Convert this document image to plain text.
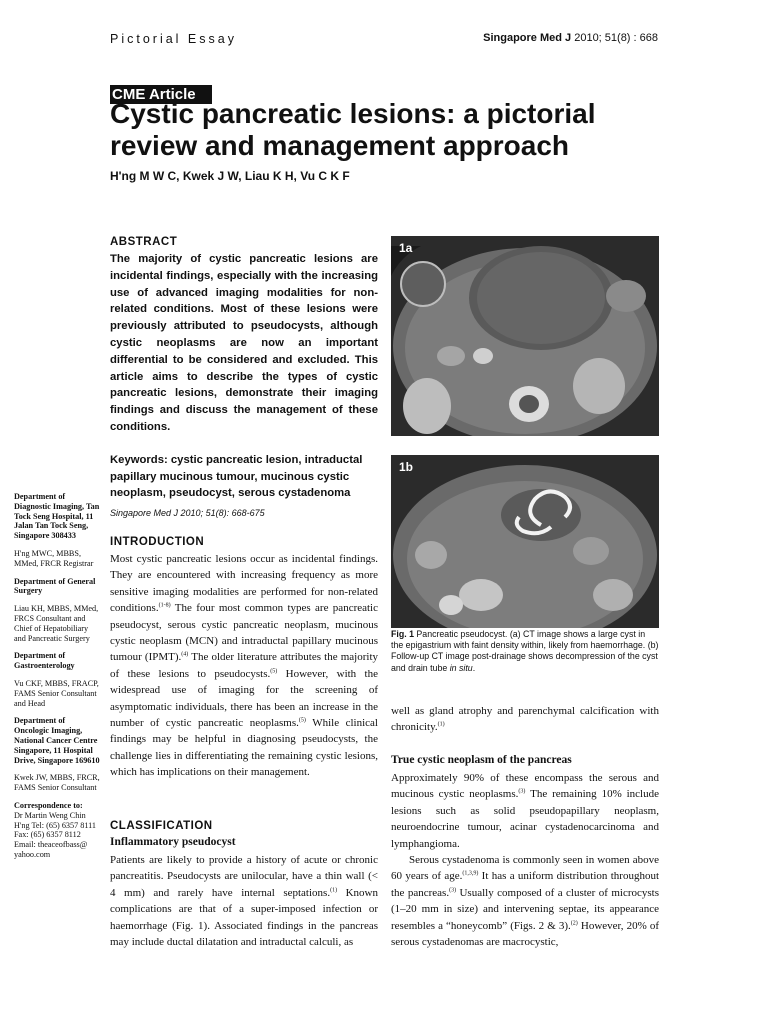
Pictorial Essay	Singapore Med J 2010; 51(8) : 668
CME Article
Cystic pancreatic lesions: a pictorial review and management approach
H'ng M W C, Kwek J W, Liau K H, Vu C K F
ABSTRACT
The majority of cystic pancreatic lesions are incidental findings, especially with the increasing use of advanced imaging modalities for non-related conditions. Most of these lesions were previously attributed to pseudocysts, although cystic neoplasms are now an important differential to be considered and excluded. This article aims to describe the types of cystic pancreatic lesions, demonstrate their imaging findings and discuss the management of these conditions.
Keywords: cystic pancreatic lesion, intraductal papillary mucinous tumour, mucinous cystic neoplasm, pseudocyst, serous cystadenoma
Singapore Med J 2010; 51(8): 668-675
INTRODUCTION
Most cystic pancreatic lesions occur as incidental findings. They are encountered with increasing frequency as more sensitive imaging modalities are performed for non-related conditions.$^{(1-8)}$ The four most common types are pancreatic pseudocyst, serous cystic pancreatic neoplasm, mucinous cystic neoplasm (MCN) and intraductal papillary mucinous tumour (IPMT).$^{(4)}$ The older literature attributes the majority of these lesions to pseudocysts.$^{(5)}$ However, with the widespread use of imaging for the screening of asymptomatic individuals, there has been an increase in the number of cystic pancreatic neoplasms.$^{(5)}$ While clinical findings may be helpful in diagnosing pseudocysts, the challenge lies in differentiating the remaining cystic lesions, which has implications on their management.
CLASSIFICATION
Inflammatory pseudocyst
Patients are likely to provide a history of acute or chronic pancreatitis. Pseudocysts are unilocular, have a thin wall (< 4 mm) and rarely have internal septations.$^{(1)}$ Known complications are that of a super-imposed infection or haemorrhage (Fig. 1). Associated findings in the pancreas may include ductal dilatation and intraductal calculi, as
Department of Diagnostic Imaging, Tan Tock Seng Hospital, 11 Jalan Tan Tock Seng, Singapore 308433
H'ng MWC, MBBS, MMed, FRCR Registrar
Department of General Surgery
Liau KH, MBBS, MMed, FRCS Consultant and Chief of Hepatobiliary and Pancreatic Surgery
Department of Gastroenterology
Vu CKF, MBBS, FRACP, FAMS Senior Consultant and Head
Department of Oncologic Imaging, National Cancer Centre Singapore, 11 Hospital Drive, Singapore 169610
Kwek JW, MBBS, FRCR, FAMS Senior Consultant
Correspondence to:
Dr Martin Weng Chin H'ng Tel: (65) 6357 8111 Fax: (65) 6357 8112 Email: theaceofbass@ yahoo.com
1a
1b
Fig. 1 Pancreatic pseudocyst. (a) CT image shows a large cyst in the epigastrium with faint density within, likely from haemorrhage. (b) Follow-up CT image post-drainage shows decompression of the cyst and drain tube in situ.
well as gland atrophy and parenchymal calcification with chronicity.$^{(1)}$
True cystic neoplasm of the pancreas

Approximately 90% of these encompass the serous and mucinous cystic neoplasms.$^{(3)}$ The remaining 10% include lesions such as solid pseudopapillary neoplasm, neuroendocrine tumour, acinar cystadenocarcinoma and lymphangioma.

Serous cystadenoma is commonly seen in women above 60 years of age.$^{(1,3,9)}$ It has a uniform distribution throughout the pancreas.$^{(3)}$ Usually composed of a cluster of microcysts (1–20 mm in size) and intervening septae, its appearance resembles a “honeycomb” (Figs. 2 & 3).$^{(2)}$ However, 20% of serous cystadenomas are macrocystic,
